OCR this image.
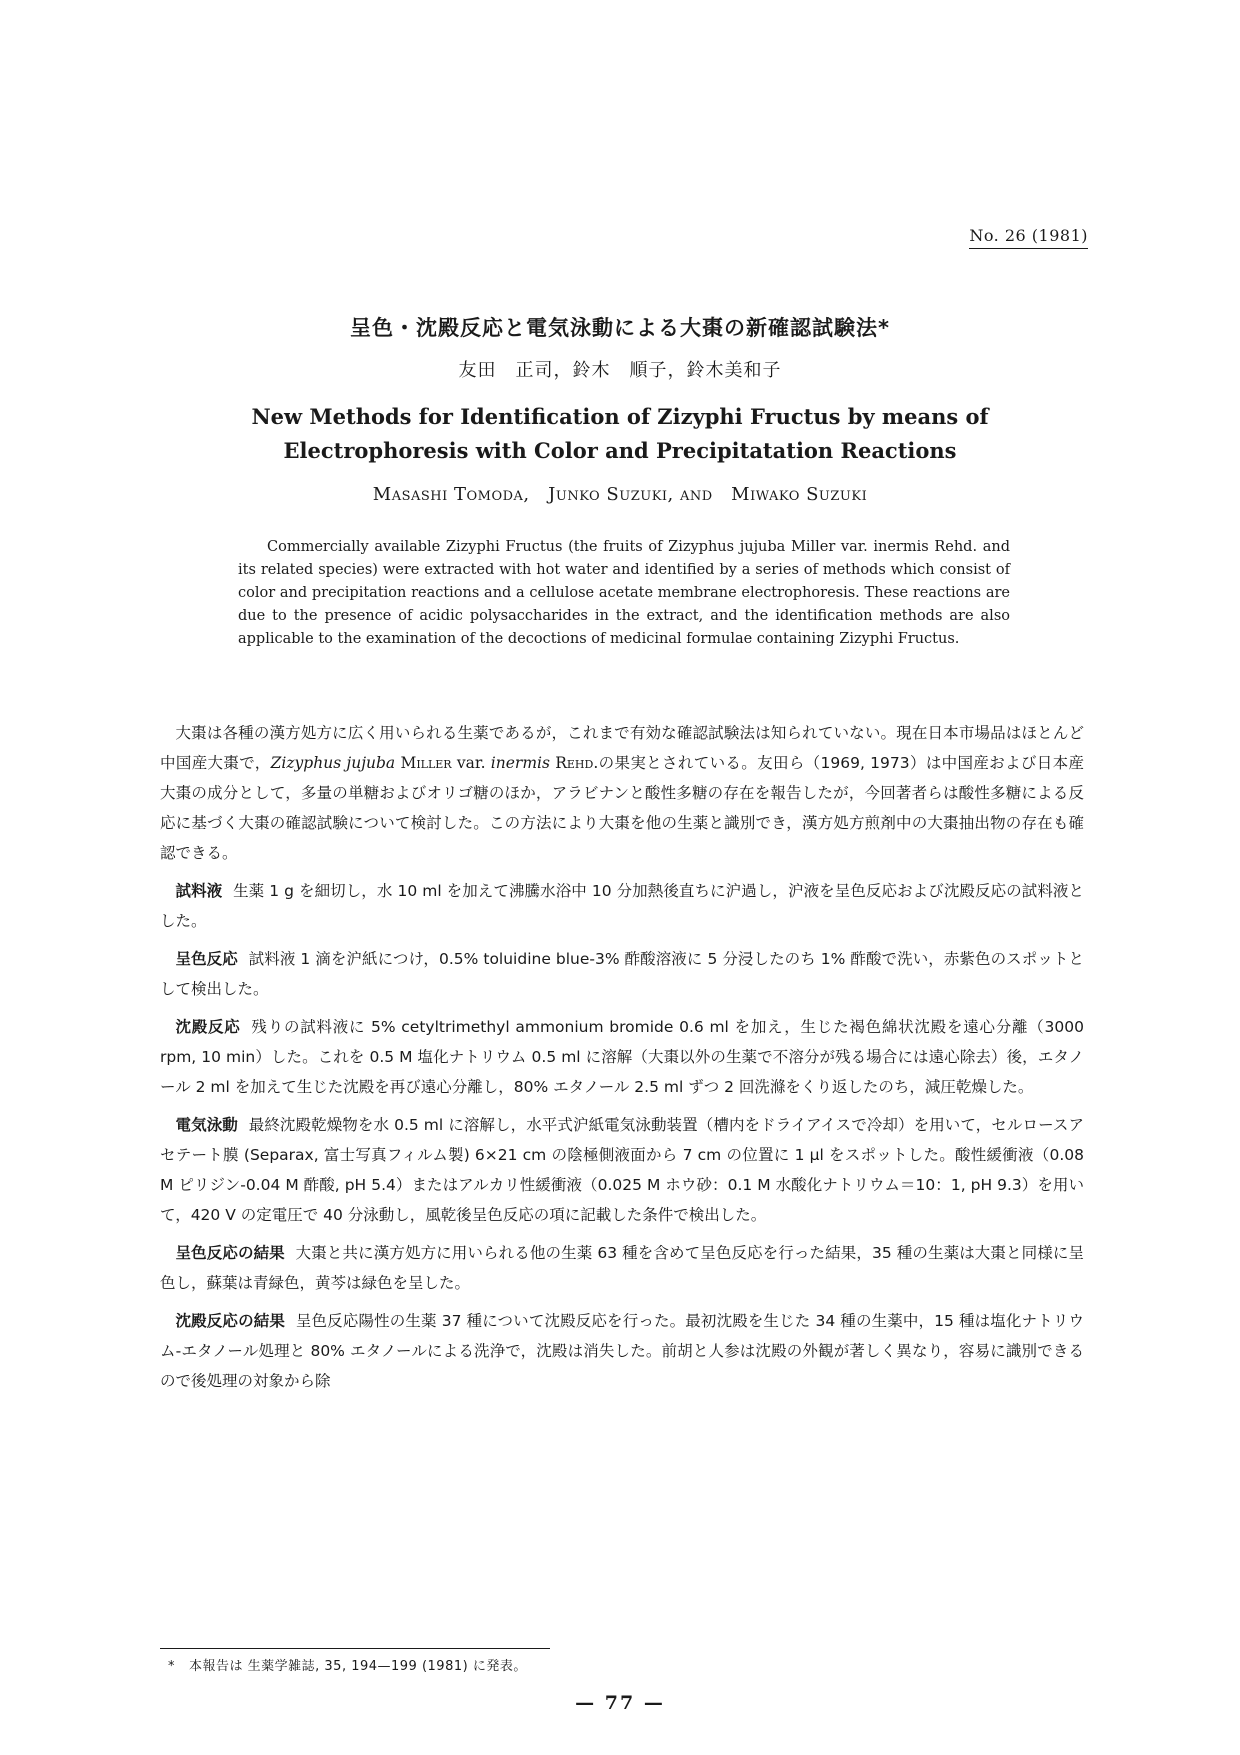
No. 26 (1981)
呈色・沈殿反応と電気泳動による大棗の新確認試験法*
友田　正司，鈴木　順子，鈴木美和子
New Methods for Identification of Zizyphi Fructus by means of
Electrophoresis with Color and Precipitatation Reactions
Masashi Tomoda,　Junko Suzuki, and　Miwako Suzuki

Commercially available Zizyphi Fructus (the fruits of Zizyphus jujuba Miller var. inermis Rehd. and its related species) were extracted with hot water and identified by a series of methods which consist of color and precipitation reactions and a cellulose acetate membrane electrophoresis. These reactions are due to the presence of acidic polysaccharides in the extract, and the identification methods are also applicable to the examination of the decoctions of medicinal formulae containing Zizyphi Fructus.

大棗は各種の漢方処方に広く用いられる生薬であるが，これまで有効な確認試験法は知られていない。現在日本市場品はほとんど中国産大棗で，Zizyphus jujuba Miller var. inermis Rehd.の果実とされている。友田ら（1969, 1973）は中国産および日本産大棗の成分として，多量の単糖およびオリゴ糖のほか，アラビナンと酸性多糖の存在を報告したが，今回著者らは酸性多糖による反応に基づく大棗の確認試験について検討した。この方法により大棗を他の生薬と識別でき，漢方処方煎剤中の大棗抽出物の存在も確認できる。

試料液 生薬 1 g を細切し，水 10 ml を加えて沸騰水浴中 10 分加熱後直ちに沪過し，沪液を呈色反応および沈殿反応の試料液とした。

呈色反応 試料液 1 滴を沪紙につけ，0.5% toluidine blue-3% 酢酸溶液に 5 分浸したのち 1% 酢酸で洗い，赤紫色のスポットとして検出した。

沈殿反応 残りの試料液に 5% cetyltrimethyl ammonium bromide 0.6 ml を加え，生じた褐色綿状沈殿を遠心分離（3000 rpm, 10 min）した。これを 0.5 M 塩化ナトリウム 0.5 ml に溶解（大棗以外の生薬で不溶分が残る場合には遠心除去）後，エタノール 2 ml を加えて生じた沈殿を再び遠心分離し，80% エタノール 2.5 ml ずつ 2 回洗滌をくり返したのち，減圧乾燥した。

電気泳動 最終沈殿乾燥物を水 0.5 ml に溶解し，水平式沪紙電気泳動装置（槽内をドライアイスで冷却）を用いて，セルロースアセテート膜 (Separax, 富士写真フィルム製) 6×21 cm の陰極側液面から 7 cm の位置に 1 μl をスポットした。酸性緩衝液（0.08 M ピリジン-0.04 M 酢酸, pH 5.4）またはアルカリ性緩衝液（0.025 M ホウ砂：0.1 M 水酸化ナトリウム＝10：1, pH 9.3）を用いて，420 V の定電圧で 40 分泳動し，風乾後呈色反応の項に記載した条件で検出した。

呈色反応の結果 大棗と共に漢方処方に用いられる他の生薬 63 種を含めて呈色反応を行った結果，35 種の生薬は大棗と同様に呈色し，蘇葉は青緑色，黄芩は緑色を呈した。

沈殿反応の結果 呈色反応陽性の生薬 37 種について沈殿反応を行った。最初沈殿を生じた 34 種の生薬中，15 種は塩化ナトリウム-エタノール処理と 80% エタノールによる洗浄で，沈殿は消失した。前胡と人参は沈殿の外観が著しく異なり，容易に識別できるので後処理の対象から除

* 本報告は 生薬学雑誌, 35, 194—199 (1981) に発表。
— 77 —
